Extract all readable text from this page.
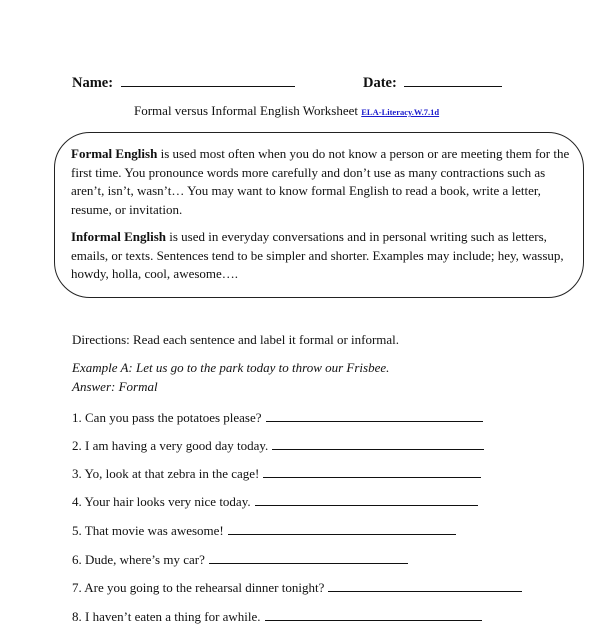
Name:	Date:
Formal versus Informal English Worksheet ELA-Literacy.W.7.1d
Formal English is used most often when you do not know a person or are meeting them for the first time. You pronounce words more carefully and don’t use as many contractions such as aren’t, isn’t, wasn’t… You may want to know formal English to read a book, write a letter, resume, or invitation.
Informal English is used in everyday conversations and in personal writing such as letters, emails, or texts. Sentences tend to be simpler and shorter. Examples may include; hey, wassup, howdy, holla, cool, awesome….
Directions: Read each sentence and label it formal or informal.
Example A: Let us go to the park today to throw our Frisbee.
Answer: Formal
1. Can you pass the potatoes please?
2. I am having a very good day today.
3. Yo, look at that zebra in the cage!
4. Your hair looks very nice today.
5. That movie was awesome!
6. Dude, where’s my car?
7. Are you going to the rehearsal dinner tonight?
8. I haven’t eaten a thing for awhile.
